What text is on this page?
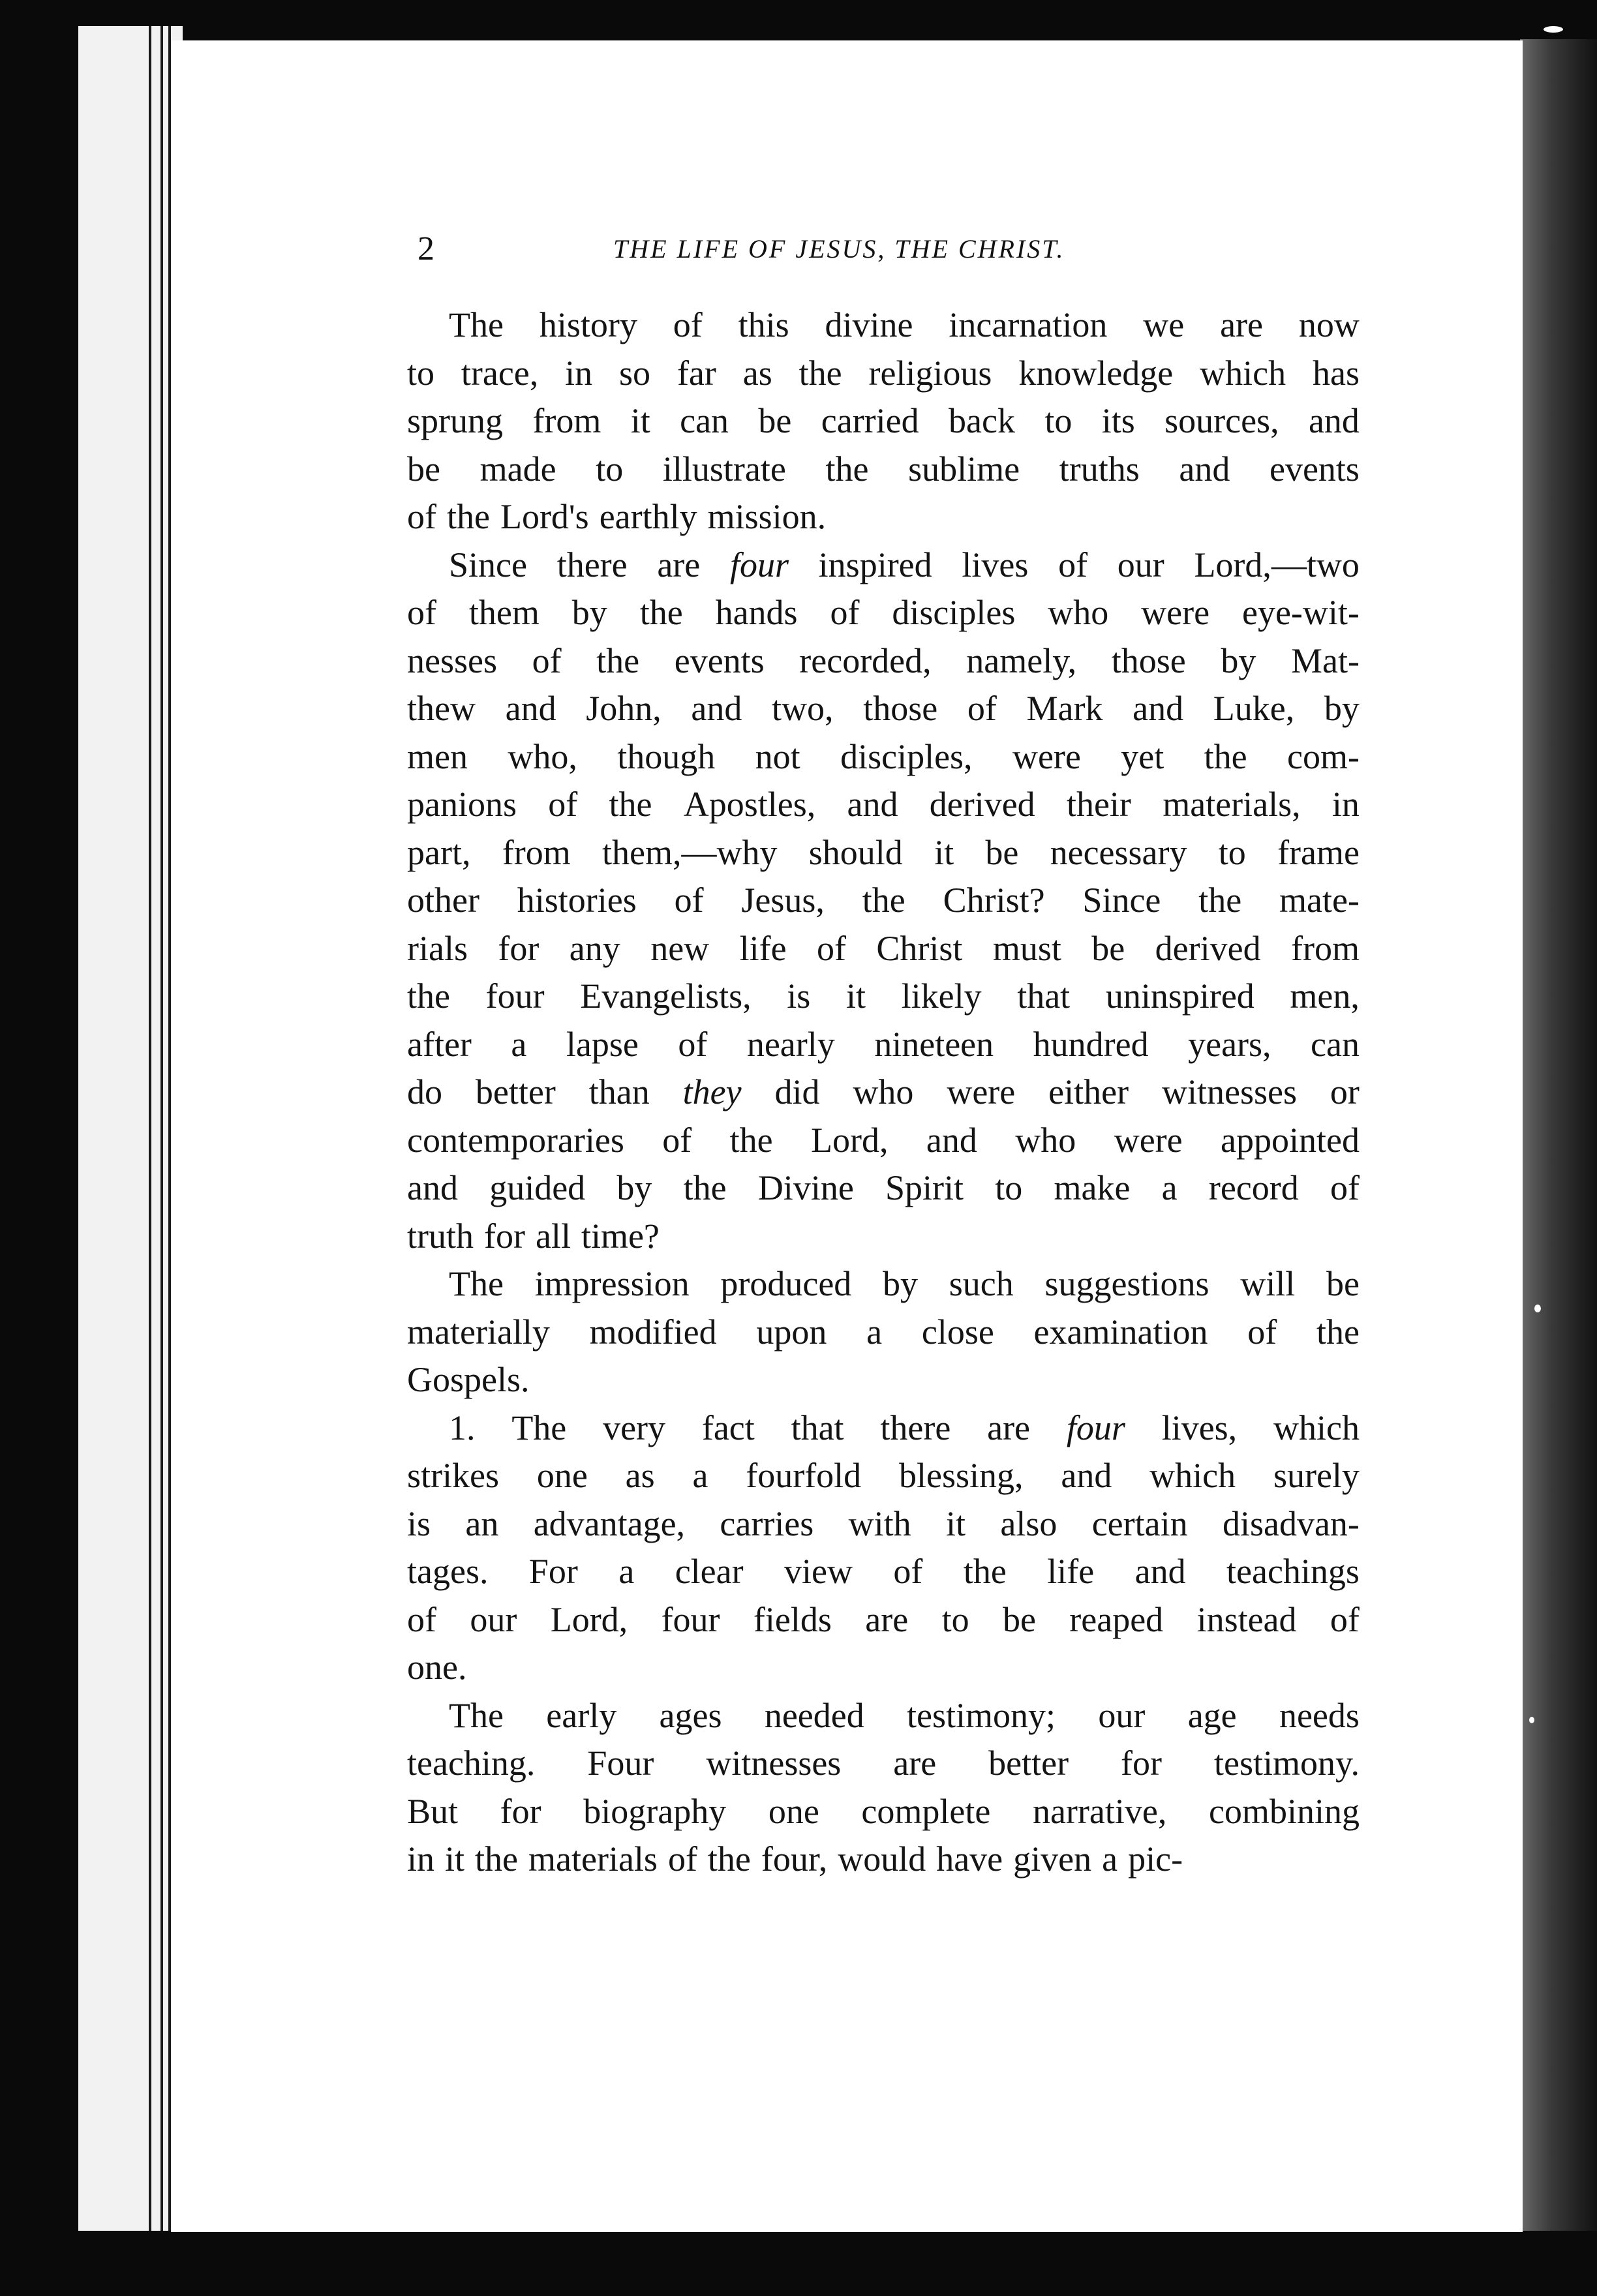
2	THE LIFE OF JESUS, THE CHRIST.
The history of this divine incarnation we are now
to trace, in so far as the religious knowledge which has
sprung from it can be carried back to its sources, and
be made to illustrate the sublime truths and events
of the Lord's earthly mission.
Since there are four inspired lives of our Lord,—two
of them by the hands of disciples who were eye-wit-
nesses of the events recorded, namely, those by Mat-
thew and John, and two, those of Mark and Luke, by
men who, though not disciples, were yet the com-
panions of the Apostles, and derived their materials, in
part, from them,—why should it be necessary to frame
other histories of Jesus, the Christ? Since the mate-
rials for any new life of Christ must be derived from
the four Evangelists, is it likely that uninspired men,
after a lapse of nearly nineteen hundred years, can
do better than they did who were either witnesses or
contemporaries of the Lord, and who were appointed
and guided by the Divine Spirit to make a record of
truth for all time?
The impression produced by such suggestions will be
materially modified upon a close examination of the
Gospels.
1. The very fact that there are four lives, which
strikes one as a fourfold blessing, and which surely
is an advantage, carries with it also certain disadvan-
tages. For a clear view of the life and teachings
of our Lord, four fields are to be reaped instead of
one.
The early ages needed testimony; our age needs
teaching. Four witnesses are better for testimony.
But for biography one complete narrative, combining
in it the materials of the four, would have given a pic-
